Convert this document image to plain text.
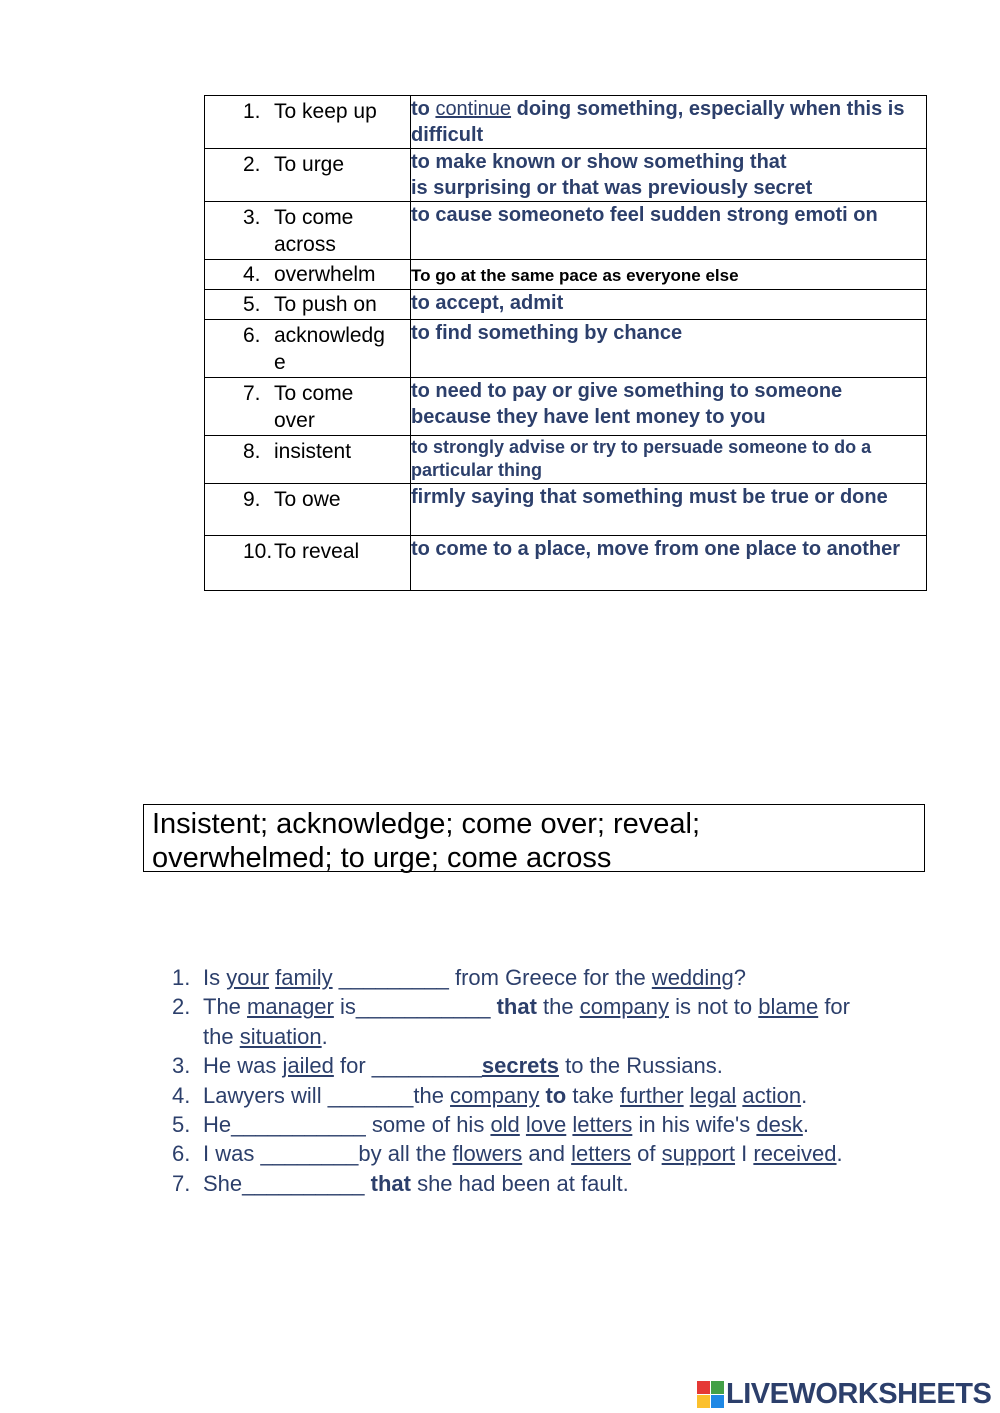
1. To keep up	to continue doing something, especially when this is difficult

2. To urge	to make known or show something that
is surprising or that was previously secret

3. To come across	to cause someoneto feel sudden strong emoti on

4. overwhelm	To go at the same pace as everyone else

5. To push on	to accept, admit

6. acknowledg e	to find something by chance

7. To come over	to need to pay or give something to someone because they have lent money to you

8. insistent	to strongly advise or try to persuade someone to do a particular thing

9. To owe	firmly saying that something must be true or done

10. To reveal	to come to a place, move from one place to another
Insistent; acknowledge; come over; reveal;
overwhelmed; to urge; come across
1. Is your family _________ from Greece for the wedding?
2. The manager is___________ that the company is not to blame for
the situation.
3. He was jailed for _________secrets to the Russians.
4. Lawyers will _______the company to take further legal action.
5. He___________ some of his old love letters in his wife's desk.
6. I was ________by all the flowers and letters of support I received.
7. She__________ that she had been at fault.
LIVEWORKSHEETS
